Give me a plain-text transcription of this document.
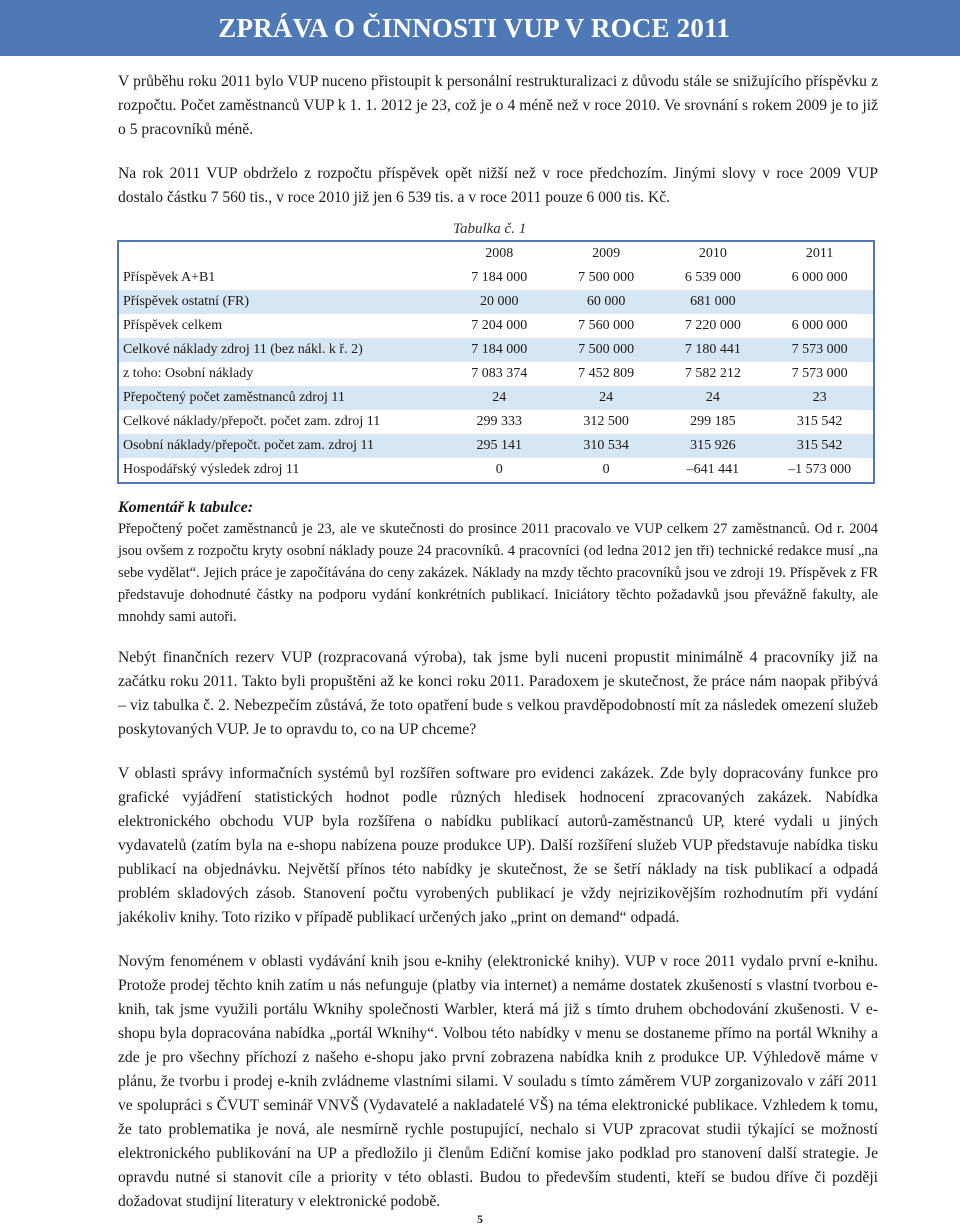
ZPRÁVA O ČINNOSTI VUP V ROCE 2011

V průběhu roku 2011 bylo VUP nuceno přistoupit k personální restrukturalizaci z důvodu stále se snižujícího příspěvku z rozpočtu. Počet zaměstnanců VUP k 1. 1. 2012 je 23, což je o 4 méně než v roce 2010. Ve srovnání s rokem 2009 je to již o 5 pracovníků méně.

Na rok 2011 VUP obdrželo z rozpočtu příspěvek opět nižší než v roce předchozím. Jinými slovy v roce 2009 VUP dostalo částku 7 560 tis., v roce 2010 již jen 6 539 tis. a v roce 2011 pouze 6 000 tis. Kč.

Tabulka č. 1
	2008	2009	2010	2011
Příspěvek A+B1	7 184 000	7 500 000	6 539 000	6 000 000
Příspěvek ostatní (FR)	20 000	60 000	681 000	
Příspěvek celkem	7 204 000	7 560 000	7 220 000	6 000 000
Celkové náklady zdroj 11 (bez nákl. k ř. 2)	7 184 000	7 500 000	7 180 441	7 573 000
z toho: Osobní náklady	7 083 374	7 452 809	7 582 212	7 573 000
Přepočtený počet zaměstnanců zdroj 11	24	24	24	23
Celkové náklady/přepočt. počet zam. zdroj 11	299 333	312 500	299 185	315 542
Osobní náklady/přepočt. počet zam. zdroj 11	295 141	310 534	315 926	315 542
Hospodářský výsledek zdroj 11	0	0	–641 441	–1 573 000
Komentář k tabulce:

Přepočtený počet zaměstnanců je 23, ale ve skutečnosti do prosince 2011 pracovalo ve VUP celkem 27 zaměstnanců. Od r. 2004 jsou ovšem z rozpočtu kryty osobní náklady pouze 24 pracovníků. 4 pracovníci (od ledna 2012 jen tři) technické redakce musí „na sebe vydělat“. Jejich práce je započítávána do ceny zakázek. Náklady na mzdy těchto pracovníků jsou ve zdroji 19. Příspěvek z FR představuje dohodnuté částky na podporu vydání konkrétních publikací. Iniciátory těchto požadavků jsou převážně fakulty, ale mnohdy sami autoři.

Nebýt finančních rezerv VUP (rozpracovaná výroba), tak jsme byli nuceni propustit minimálně 4 pracovníky již na začátku roku 2011. Takto byli propuštěni až ke konci roku 2011. Paradoxem je skutečnost, že práce nám naopak přibývá – viz tabulka č. 2. Nebezpečím zůstává, že toto opatření bude s velkou pravděpodobností mít za následek omezení služeb poskytovaných VUP. Je to opravdu to, co na UP chceme?

V oblasti správy informačních systémů byl rozšířen software pro evidenci zakázek. Zde byly dopracovány funkce pro grafické vyjádření statistických hodnot podle různých hledisek hodnocení zpracovaných zakázek. Nabídka elektronického obchodu VUP byla rozšířena o nabídku publikací autorů-zaměstnanců UP, které vydali u jiných vydavatelů (zatím byla na e-shopu nabízena pouze produkce UP). Další rozšíření služeb VUP představuje nabídka tisku publikací na objednávku. Největší přínos této nabídky je skutečnost, že se šetří náklady na tisk publikací a odpadá problém skladových zásob. Stanovení počtu vyrobených publikací je vždy nejrizikovějším rozhodnutím při vydání jakékoliv knihy. Toto riziko v případě publikací určených jako „print on demand“ odpadá.

Novým fenoménem v oblasti vydávání knih jsou e-knihy (elektronické knihy). VUP v roce 2011 vydalo první e-knihu. Protože prodej těchto knih zatím u nás nefunguje (platby via internet) a nemáme dostatek zkušeností s vlastní tvorbou e-knih, tak jsme využili portálu Wknihy společnosti Warbler, která má již s tímto druhem obchodování zkušenosti. V e-shopu byla dopracována nabídka „portál Wknihy“. Volbou této nabídky v menu se dostaneme přímo na portál Wknihy a zde je pro všechny příchozí z našeho e-shopu jako první zobrazena nabídka knih z produkce UP. Výhledově máme v plánu, že tvorbu i prodej e-knih zvládneme vlastními silami. V souladu s tímto záměrem VUP zorganizovalo v září 2011 ve spolupráci s ČVUT seminář VNVŠ (Vydavatelé a nakladatelé VŠ) na téma elektronické publikace. Vzhledem k tomu, že tato problematika je nová, ale nesmírně rychle postupující, nechalo si VUP zpracovat studii týkající se možností elektronického publikování na UP a předložilo ji členům Ediční komise jako podklad pro stanovení další strategie. Je opravdu nutné si stanovit cíle a priority v této oblasti. Budou to především studenti, kteří se budou dříve či později dožadovat studijní literatury v elektronické podobě.

5
